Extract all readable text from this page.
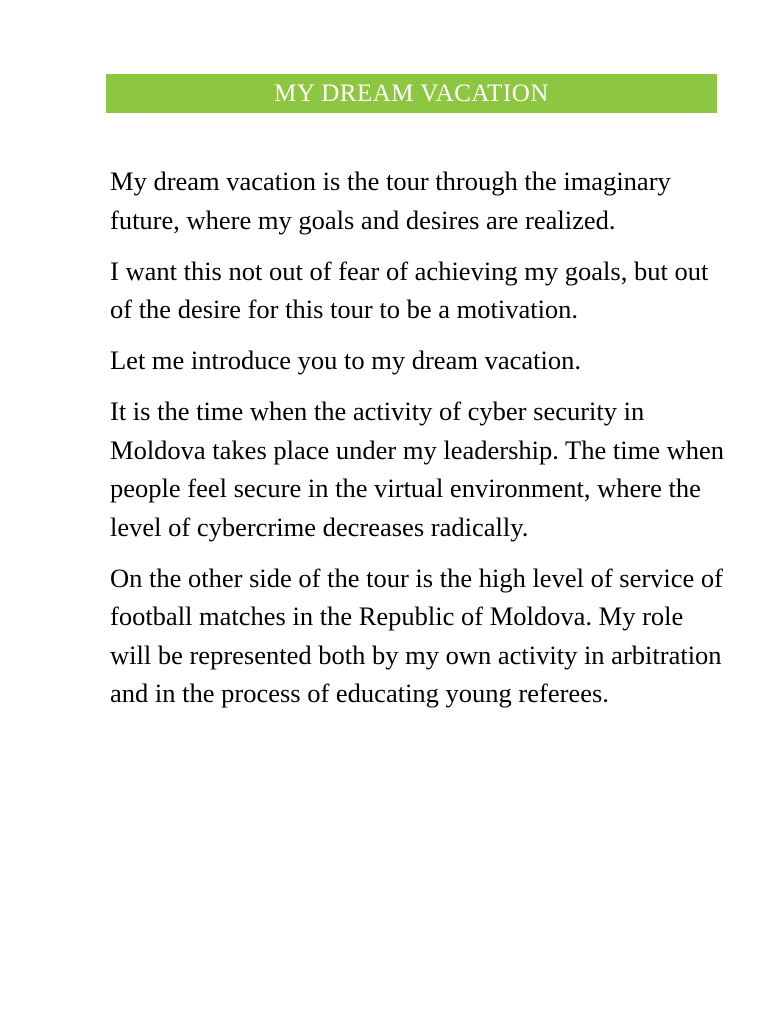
MY DREAM VACATION

My dream vacation is the tour through the imaginary future, where my goals and desires are realized.

I want this not out of fear of achieving my goals, but out of the desire for this tour to be a motivation.

Let me introduce you to my dream vacation.

It is the time when the activity of cyber security in Moldova takes place under my leadership. The time when people feel secure in the virtual environment, where the level of cybercrime decreases radically.

On the other side of the tour is the high level of service of football matches in the Republic of Moldova. My role will be represented both by my own activity in arbitration and in the process of educating young referees.
